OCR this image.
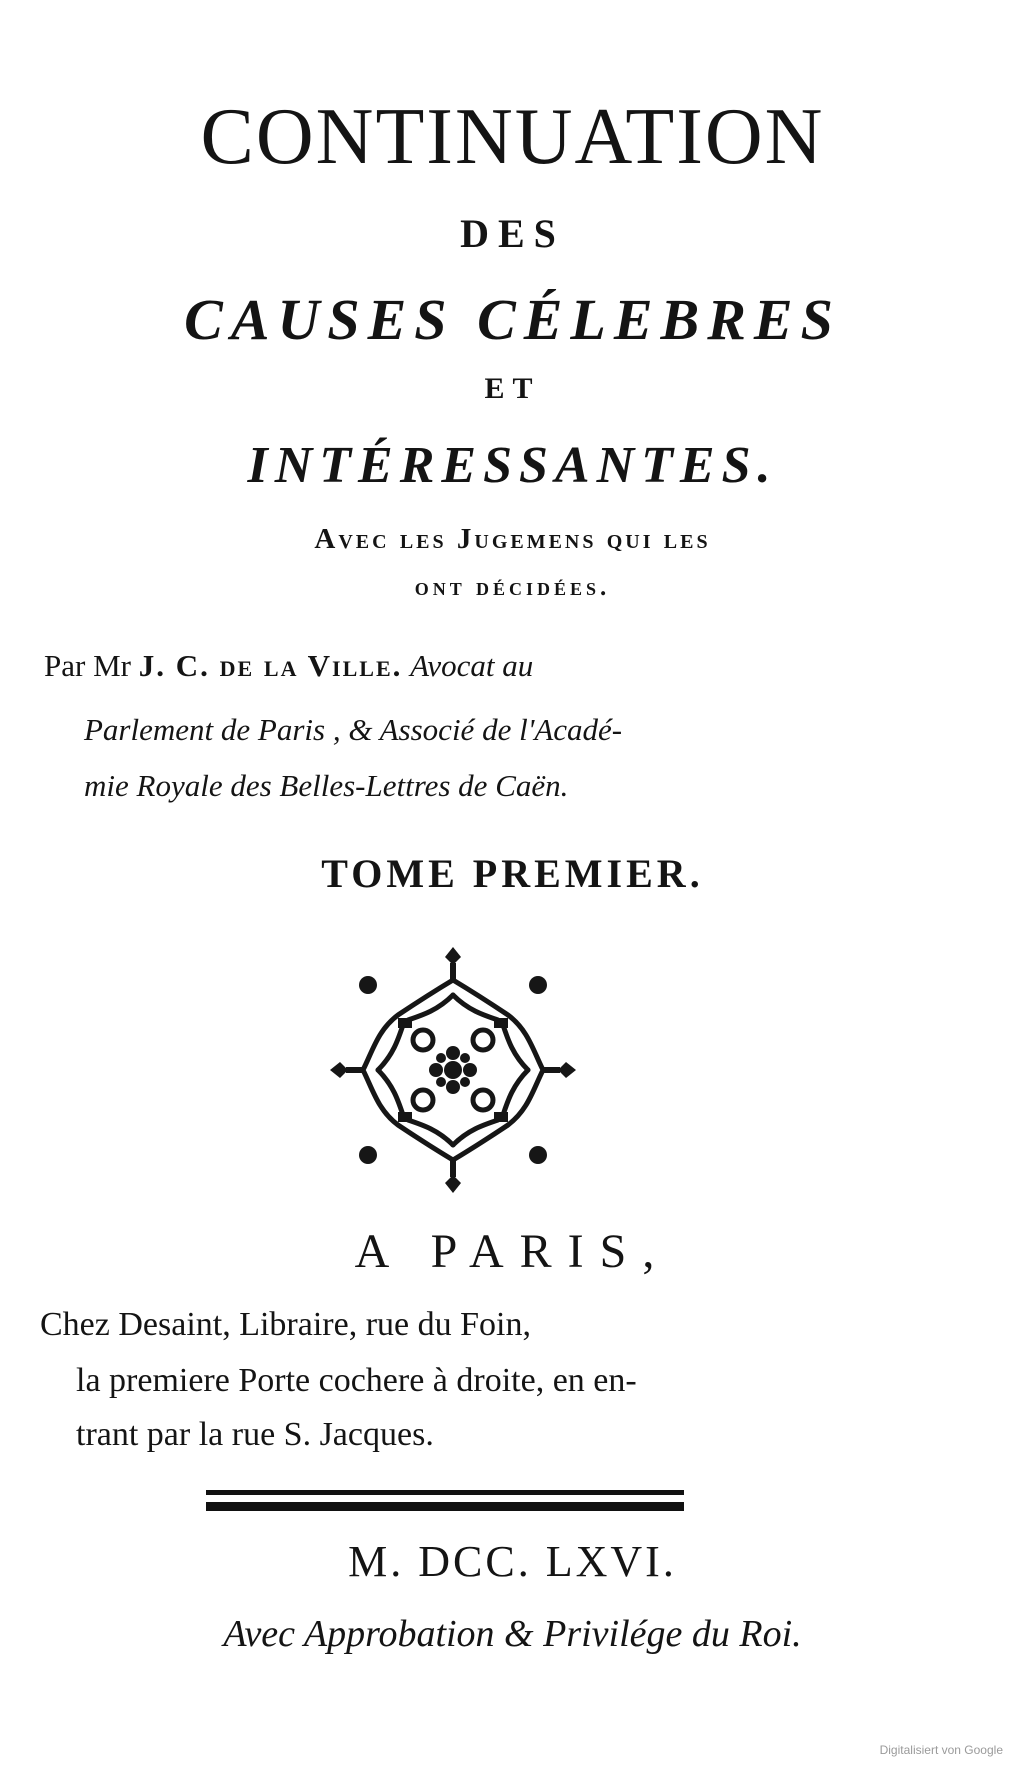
CONTINUATION
DES
CAUSES CÉLEBRES
ET
INTÉRESSANTES.
Avec les Jugemens qui les
ont décidées.
Par Mr J. C. de la Ville. Avocat au
Parlement de Paris , & Associé de l'Acadé-
mie Royale des Belles-Lettres de Caën.
TOME PREMIER.
A PARIS,
Chez Desaint, Libraire, rue du Foin,
la premiere Porte cochere à droite, en en-
trant par la rue S. Jacques.
M. DCC. LXVI.
Avec Approbation & Privilége du Roi.
Digitalisiert von Google
